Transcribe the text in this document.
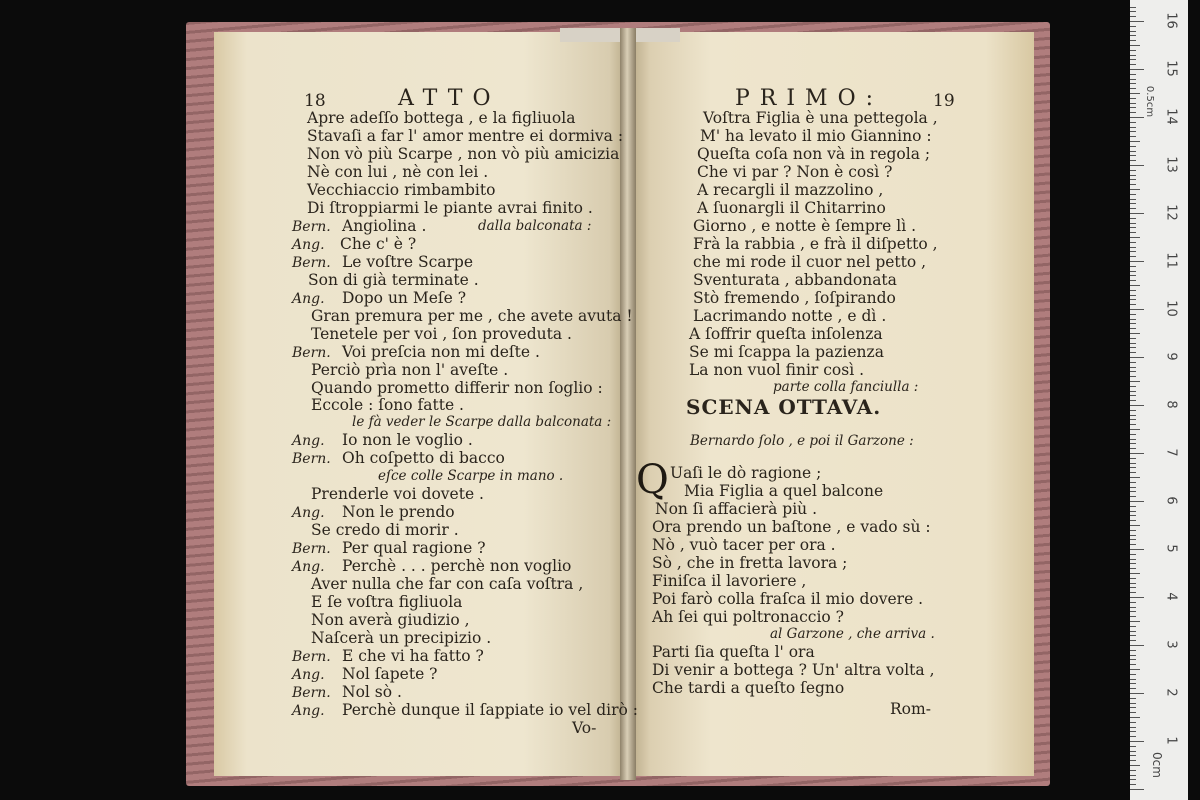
18	ATTO
Apre adeſſo bottega , e la figliuola
Stavaſi a far l' amor mentre ei dormiva :
Non vò più Scarpe , non vò più amicizia
Nè con lui , nè con lei .
Vecchiaccio rimbambito
Di ſtroppiarmi le piante avrai finito .
Bern. Angiolina .	dalla balconata :
Ang. Che c' è ?
Bern. Le voſtre Scarpe
Son di già terminate .
Ang. Dopo un Meſe ?
Gran premura per me , che avete avuta !
Tenetele per voi , ſon proveduta .
Bern. Voi preſcia non mi deſte .
Perciò prìa non l' aveſte .
Quando prometto differir non ſoglio :
Eccole : ſono fatte .
le fà veder le Scarpe dalla balconata :
Ang. Io non le voglio .
Bern. Oh coſpetto di bacco
eſce colle Scarpe in mano .
Prenderle voi dovete .
Ang. Non le prendo
Se credo di morir .
Bern. Per qual ragione ?
Ang. Perchè . . . perchè non voglio
Aver nulla che far con caſa voſtra ,
E ſe voſtra figliuola
Non averà giudizio ,
Naſcerà un precipizio .
Bern. E che vi ha fatto ?
Ang. Nol ſapete ?
Bern. Nol sò .
Ang. Perchè dunque il ſappiate io vel dirò :
Vo-
PRIMO:	19
Voſtra Figlia è una pettegola ,
M' ha levato il mio Giannino :
Queſta coſa non và in regola ;
Che vi par ? Non è così ?
A recargli il mazzolino ,
A ſuonargli il Chitarrino
Giorno , e notte è ſempre lì .
Frà la rabbia , e frà il diſpetto ,
che mi rode il cuor nel petto ,
Sventurata , abbandonata
Stò fremendo , ſoſpirando
Lacrimando notte , e dì .
A ſoffrir queſta inſolenza
Se mi ſcappa la pazienza
La non vuol finir così .
parte colla fanciulla :
SCENA OTTAVA.
Bernardo ſolo , e poi il Garzone :
Q Uaſi le dò ragione ;
Mia Figlia a quel balcone
Non ſi affacierà più .
Ora prendo un baſtone , e vado sù :
Nò , vuò tacer per ora .
Sò , che in fretta lavora ;
Finiſca il lavoriere ,
Poi farò colla fraſca il mio dovere .
Ah ſei qui poltronaccio ?
al Garzone , che arriva .
Parti ſia queſta l' ora
Di venir a bottega ? Un' altra volta ,
Che tardi a queſto ſegno
Rom-
0cm
0.5cm
1
2
3
4
5
6
7
8
9
10
11
12
13
14
15
16
